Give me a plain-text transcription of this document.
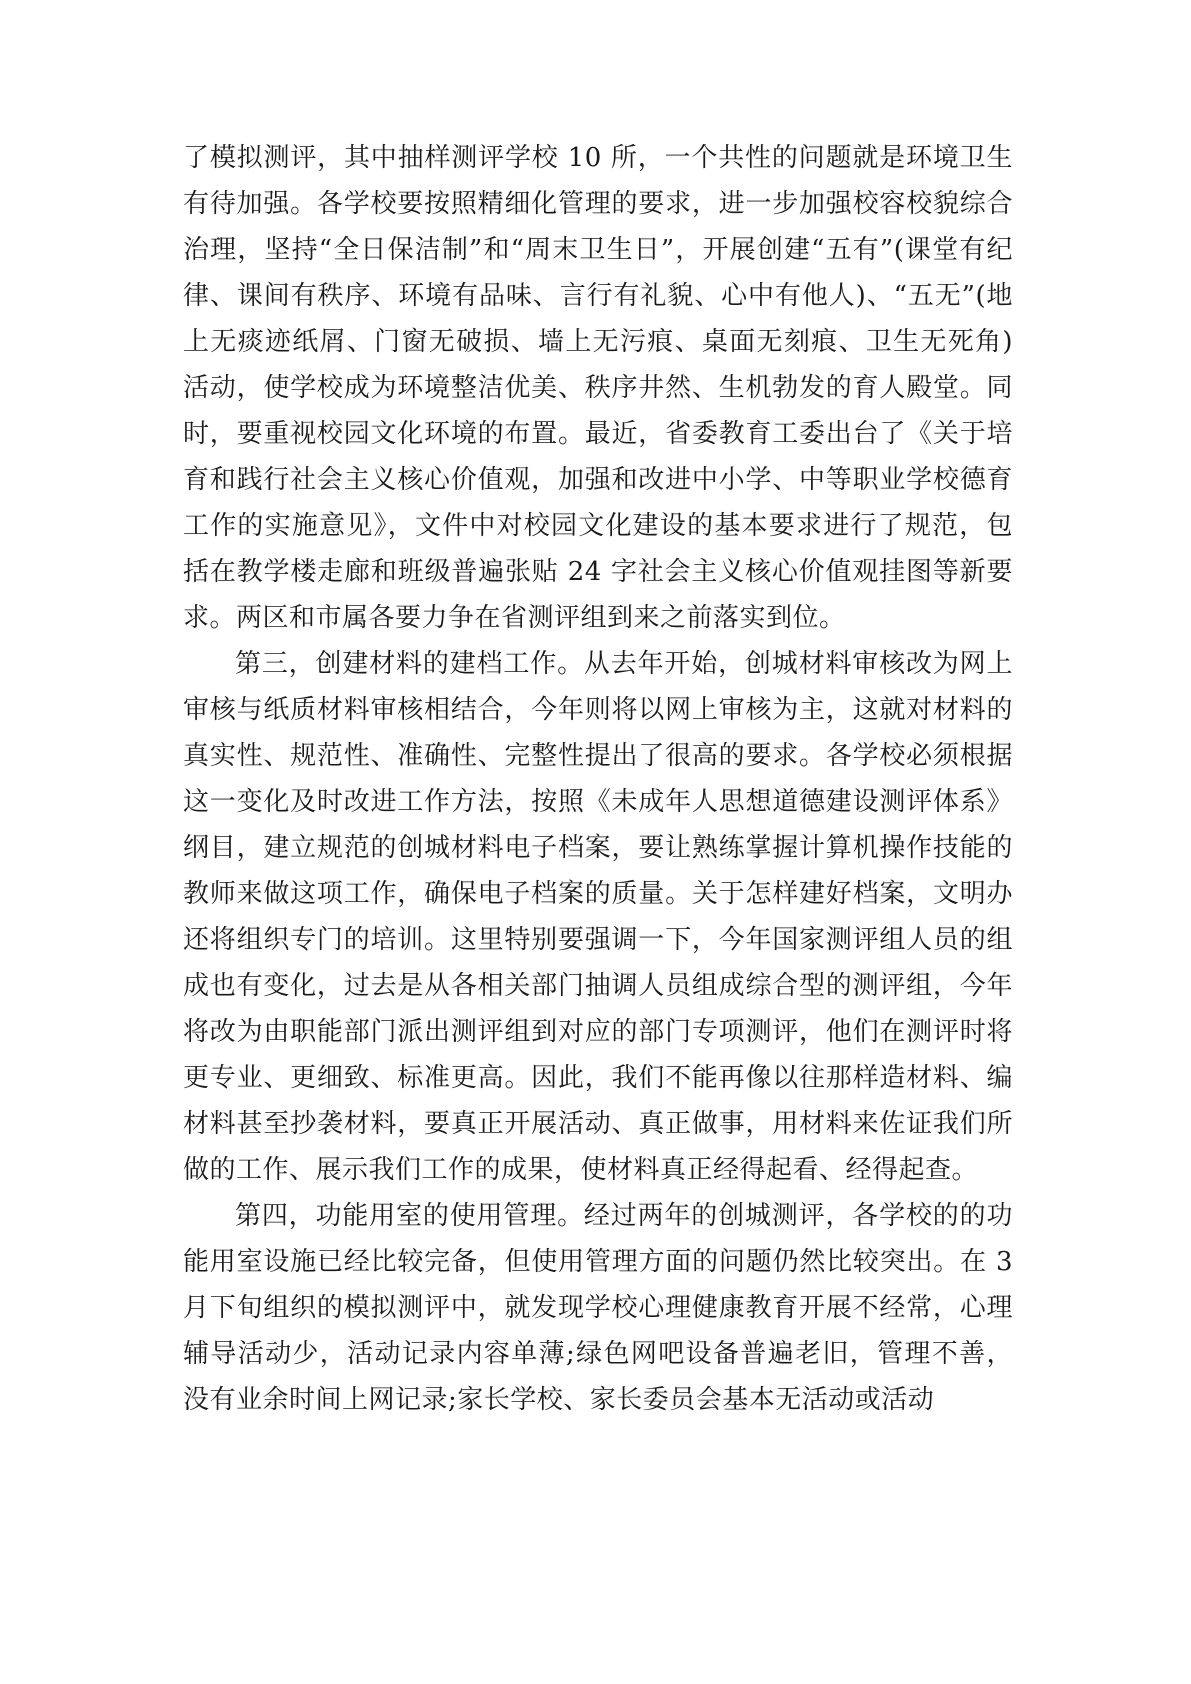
了模拟测评，其中抽样测评学校 10 所，一个共性的问题就是环境卫生有待加强。各学校要按照精细化管理的要求，进一步加强校容校貌综合治理，坚持“全日保洁制”和“周末卫生日”，开展创建“五有”(课堂有纪律、课间有秩序、环境有品味、言行有礼貌、心中有他人)、“五无”(地上无痰迹纸屑、门窗无破损、墙上无污痕、桌面无刻痕、卫生无死角)活动，使学校成为环境整洁优美、秩序井然、生机勃发的育人殿堂。同时，要重视校园文化环境的布置。最近，省委教育工委出台了《关于培育和践行社会主义核心价值观，加强和改进中小学、中等职业学校德育工作的实施意见》，文件中对校园文化建设的基本要求进行了规范，包括在教学楼走廊和班级普遍张贴 24 字社会主义核心价值观挂图等新要求。两区和市属各要力争在省测评组到来之前落实到位。

第三，创建材料的建档工作。从去年开始，创城材料审核改为网上审核与纸质材料审核相结合，今年则将以网上审核为主，这就对材料的真实性、规范性、准确性、完整性提出了很高的要求。各学校必须根据这一变化及时改进工作方法，按照《未成年人思想道德建设测评体系》纲目，建立规范的创城材料电子档案，要让熟练掌握计算机操作技能的教师来做这项工作，确保电子档案的质量。关于怎样建好档案，文明办还将组织专门的培训。这里特别要强调一下，今年国家测评组人员的组成也有变化，过去是从各相关部门抽调人员组成综合型的测评组，今年将改为由职能部门派出测评组到对应的部门专项测评，他们在测评时将更专业、更细致、标准更高。因此，我们不能再像以往那样造材料、编材料甚至抄袭材料，要真正开展活动、真正做事，用材料来佐证我们所做的工作、展示我们工作的成果，使材料真正经得起看、经得起查。

第四，功能用室的使用管理。经过两年的创城测评，各学校的的功能用室设施已经比较完备，但使用管理方面的问题仍然比较突出。在 3 月下旬组织的模拟测评中，就发现学校心理健康教育开展不经常，心理辅导活动少，活动记录内容单薄;绿色网吧设备普遍老旧，管理不善，没有业余时间上网记录;家长学校、家长委员会基本无活动或活动
